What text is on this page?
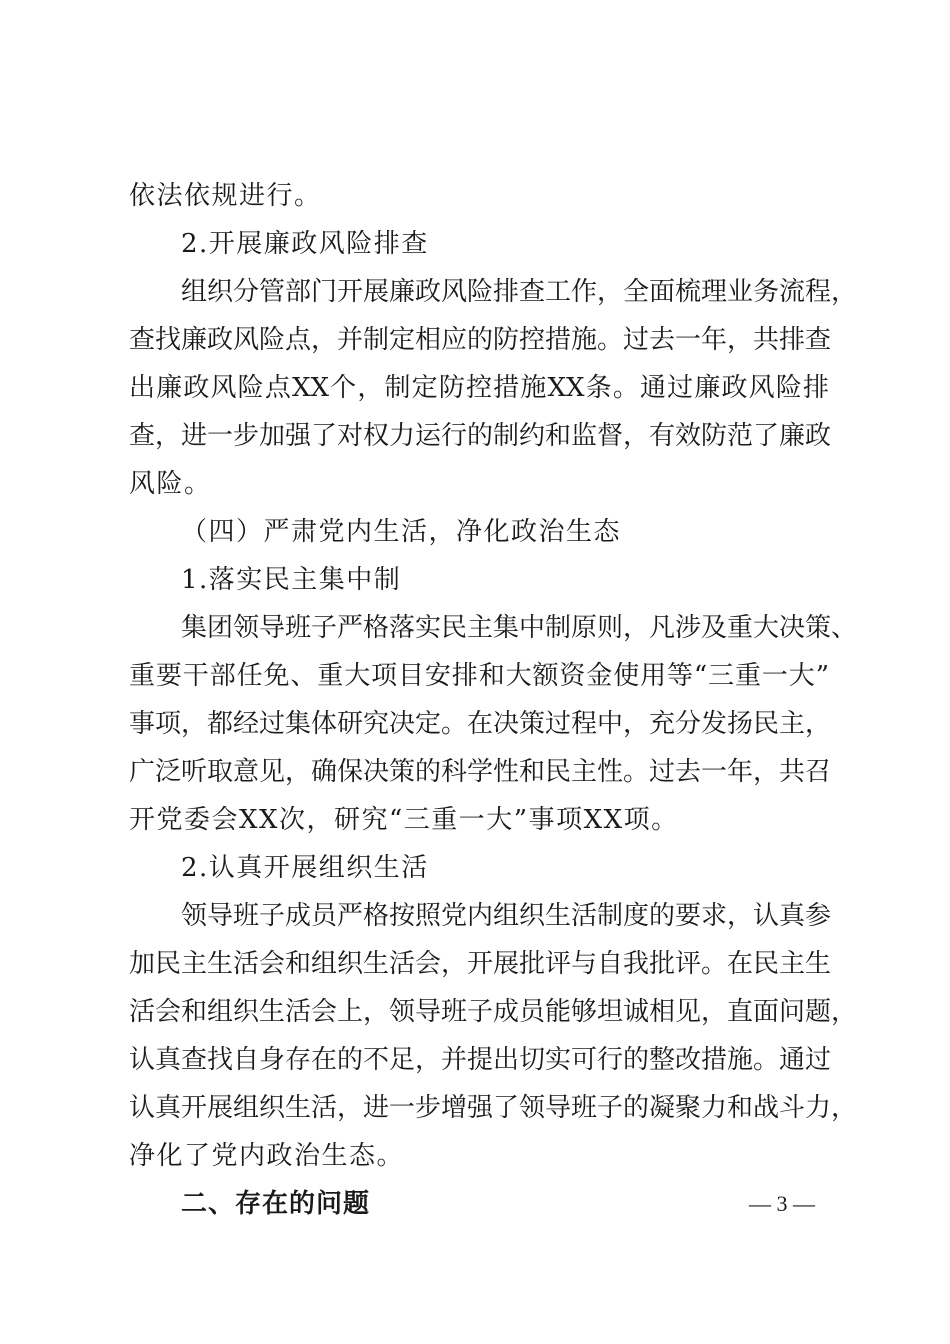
依法依规进行。
2.开展廉政风险排查
组织分管部门开展廉政风险排查工作，全面梳理业务流程，
查找廉政风险点，并制定相应的防控措施。过去一年，共排查
出廉政风险点XX个，制定防控措施XX条。通过廉政风险排
查，进一步加强了对权力运行的制约和监督，有效防范了廉政
风险。
（四）严肃党内生活，净化政治生态
1.落实民主集中制
集团领导班子严格落实民主集中制原则，凡涉及重大决策、
重要干部任免、重大项目安排和大额资金使用等“三重一大”
事项，都经过集体研究决定。在决策过程中，充分发扬民主，
广泛听取意见，确保决策的科学性和民主性。过去一年，共召
开党委会XX次，研究“三重一大”事项XX项。
2.认真开展组织生活
领导班子成员严格按照党内组织生活制度的要求，认真参
加民主生活会和组织生活会，开展批评与自我批评。在民主生
活会和组织生活会上，领导班子成员能够坦诚相见，直面问题，
认真查找自身存在的不足，并提出切实可行的整改措施。通过
认真开展组织生活，进一步增强了领导班子的凝聚力和战斗力，
净化了党内政治生态。
二、存在的问题	— 3 —
